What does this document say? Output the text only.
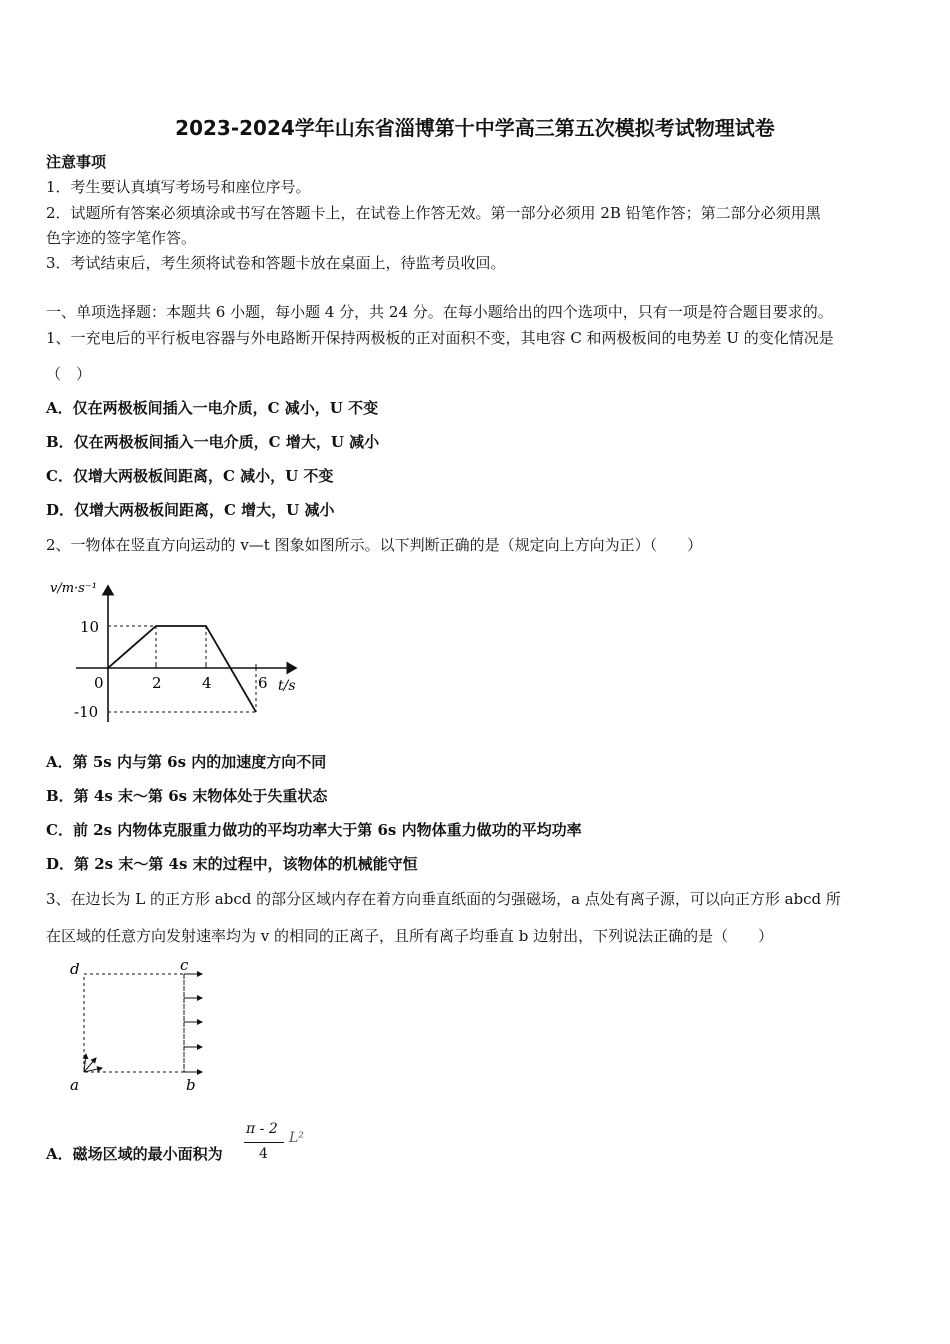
2023-2024学年山东省淄博第十中学高三第五次模拟考试物理试卷
注意事项
1．考生要认真填写考场号和座位序号。
2．试题所有答案必须填涂或书写在答题卡上，在试卷上作答无效。第一部分必须用 2B 铅笔作答；第二部分必须用黑
色字迹的签字笔作答。
3．考试结束后，考生须将试卷和答题卡放在桌面上，待监考员收回。
一、单项选择题：本题共 6 小题，每小题 4 分，共 24 分。在每小题给出的四个选项中，只有一项是符合题目要求的。
1、一充电后的平行板电容器与外电路断开保持两极板的正对面积不变，其电容 C 和两极板间的电势差 U 的变化情况是
（　）
A．仅在两极板间插入一电介质，C 减小，U 不变
B．仅在两极板间插入一电介质，C 增大，U 减小
C．仅增大两极板间距离，C 减小，U 不变
D．仅增大两极板间距离，C 增大，U 减小
2、一物体在竖直方向运动的 v—t 图象如图所示。以下判断正确的是（规定向上方向为正）（　　）
v/m·s⁻¹
10
-10
0	2	4	6 t/s
A．第 5s 内与第 6s 内的加速度方向不同
B．第 4s 末～第 6s 末物体处于失重状态
C．前 2s 内物体克服重力做功的平均功率大于第 6s 内物体重力做功的平均功率
D．第 2s 末～第 4s 末的过程中，该物体的机械能守恒
3、在边长为 L 的正方形 abcd 的部分区域内存在着方向垂直纸面的匀强磁场，a 点处有离子源，可以向正方形 abcd 所
在区域的任意方向发射速率均为 v 的相同的正离子，且所有离子均垂直 b 边射出，下列说法正确的是（　　）
d	c
a	b
A．磁场区域的最小面积为
π - 2
4
L²
